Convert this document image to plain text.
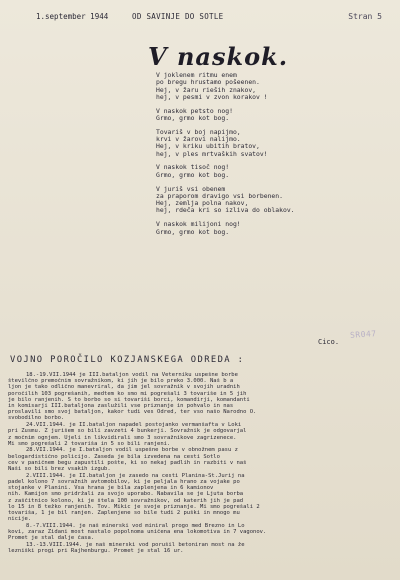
1.september 1944	OD SAVINJE DO SOTLE	Stran 5
V naskok.
V joklenem ritmu enem
po bregu hrustamo pošeenen.
Hej, v žaru rieših znakov,
hej, v pesmi v zvon korakov !
V naskok petsto nog!
Grmo, grmo kot bog.
Tovariš v boj napijmo,
krvi v žarovi nalijmo.
Hej, v kriku ubitih bratov,
hej, v ples mrtvaških svatov!
V naskok tisoč nog!
Grmo, grmo kot bog.
V juriš vsi obenem
za praporom dravigo vsi borbenen.
Hej, zemlja polna nakov,
hej, rdeča kri so izliva do oblakov.
V naskok milijoni nog!
Grmo, grmo kot bog.
Cico.
SR047
VOJNO POROČILO KOZJANSKEGA ODREDA :
18.-19.VII.1944 je III.bataljon vodil na Veterniku uspešne borbe
številčno premočnim sovražnikom, ki jih je bilo preko 3.000. Naš b a
ljon je tako odlično manevriral, da jim jel sovražnik v svojih uradnih
poročilih 103 pogrešanih, medtem ko smo mi pogrešali 3 tovariše in 5 jih
je bilo ranjenih. S to borbo so si tovariši borci, komandirji, komandanti
in komisarji III.bataljona zaslužili vse priznanje in pohvalo in nas
proslavili smo svoj bataljon, kakor tudi ves Odred, ter vso našo Narodno O.
svobodilno borbo.
24.VII.1944. je II.bataljon napadel postojanko vermanšafta v Loki
pri Zusmu. Z jurišem so bili zavzeti 4 bunkerji. Sovražnik je odgovarjal
z močnim ognjem. Ujeli in likvidirali smo 3 sovražnikove zagrizenece.
Mi smo pogrešali 2 tovariša in 5 so bili ranjeni.
28.VII.1944. je I.bataljon vodil uspešne borbe v obnožnem pasu z
belogardistično policijo. Zaseda je bila izvedena na cesti Sotlo
cev v paničnem begu zapustili pošte, ki so nekaj padlih in razbiti v naš
Naši so bili brez vsakih izgub.
2.VIII.1944. je II.bataljon je zasedo na cesti Planina-Št.Jurij na
padel kolono 7 sovražnih avtomobilov, ki je peljala hrano za vojake po
stojanke v Planini. Vsa hrana je bila zaplenjena in 6 kamionov
nih. Kamijon smo pridržali za svojo uporabo. Nabavila se je Ljuta borba
z zaščitnico kolono, ki je štela 100 sovražnikov, od katerih jih je pad
lo 15 in 8 težko ranjenih. Tov. Mikic je svoje priznanje. Mi smo pogrešali 2
tovariša, 1 je bil ranjen. Zaplenjene so bile tudi 2 puški in mnogo mu
nicije.
8.-7.VIII.1944. je naš minerski vod miniral progo med Brezno in Lo
kovi, zaraz Zidani most nastalo popolnoma uničena ena lokomotiva in 7 vagonov.
Promet je stal dalje časa.
13.-13.VIII.1944. je naš minerski vod porušil betoniran most na že
lezniški progi pri Rajhenburgu. Promet je stal 16 ur.
